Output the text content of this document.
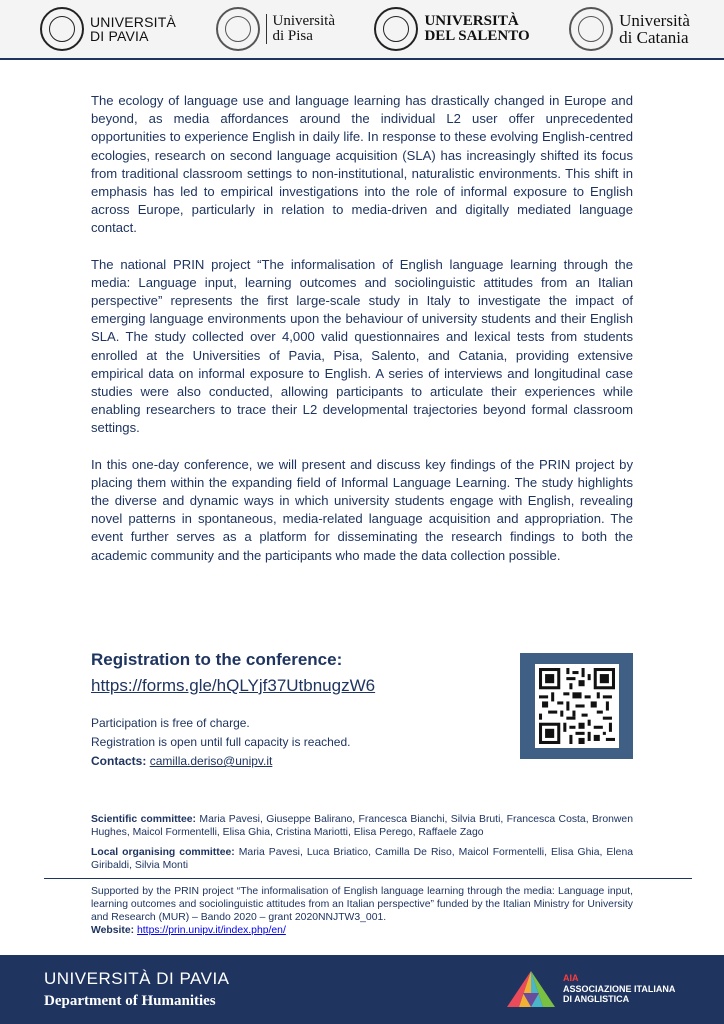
UNIVERSITÀ
DI PAVIA
Università
di Pisa
UNIVERSITÀ
DEL SALENTO
Università
di Catania

The ecology of language use and language learning has drastically changed in Europe and beyond, as media affordances around the individual L2 user offer unprecedented opportunities to experience English in daily life. In response to these evolving English-centred ecologies, research on second language acquisition (SLA) has increasingly shifted its focus from traditional classroom settings to non-institutional, naturalistic environments. This shift in emphasis has led to empirical investigations into the role of informal exposure to English across Europe, particularly in relation to media-driven and digitally mediated language contact.

The national PRIN project “The informalisation of English language learning through the media: Language input, learning outcomes and sociolinguistic attitudes from an Italian perspective” represents the first large-scale study in Italy to investigate the impact of emerging language environments upon the behaviour of university students and their English SLA. The study collected over 4,000 valid questionnaires and lexical tests from students enrolled at the Universities of Pavia, Pisa, Salento, and Catania, providing extensive empirical data on informal exposure to English. A series of interviews and longitudinal case studies were also conducted, allowing participants to articulate their experiences while enabling researchers to trace their L2 developmental trajectories beyond formal classroom settings.

In this one-day conference, we will present and discuss key findings of the PRIN project by placing them within the expanding field of Informal Language Learning. The study highlights the diverse and dynamic ways in which university students engage with English, revealing novel patterns in spontaneous, media-related language acquisition and appropriation. The event further serves as a platform for disseminating the research findings to both the academic community and the participants who made the data collection possible.

Registration to the conference:
https://forms.gle/hQLYjf37UtbnugzW6
Participation is free of charge.
Registration is open until full capacity is reached.
Contacts: camilla.deriso@unipv.it

Scientific committee: Maria Pavesi, Giuseppe Balirano, Francesca Bianchi, Silvia Bruti, Francesca Costa, Bronwen Hughes, Maicol Formentelli, Elisa Ghia, Cristina Mariotti, Elisa Perego, Raffaele Zago

Local organising committee: Maria Pavesi, Luca Briatico, Camilla De Riso, Maicol Formentelli, Elisa Ghia, Elena Giribaldi, Silvia Monti

Supported by the PRIN project “The informalisation of English language learning through the media: Language input, learning outcomes and sociolinguistic attitudes from an Italian perspective” funded by the Italian Ministry for University and Research (MUR) – Bando 2020 – grant 2020NNJTW3_001.
Website: https://prin.unipv.it/index.php/en/
UNIVERSITÀ DI PAVIA
Department of Humanities
AIA
ASSOCIAZIONE ITALIANA
DI ANGLISTICA
